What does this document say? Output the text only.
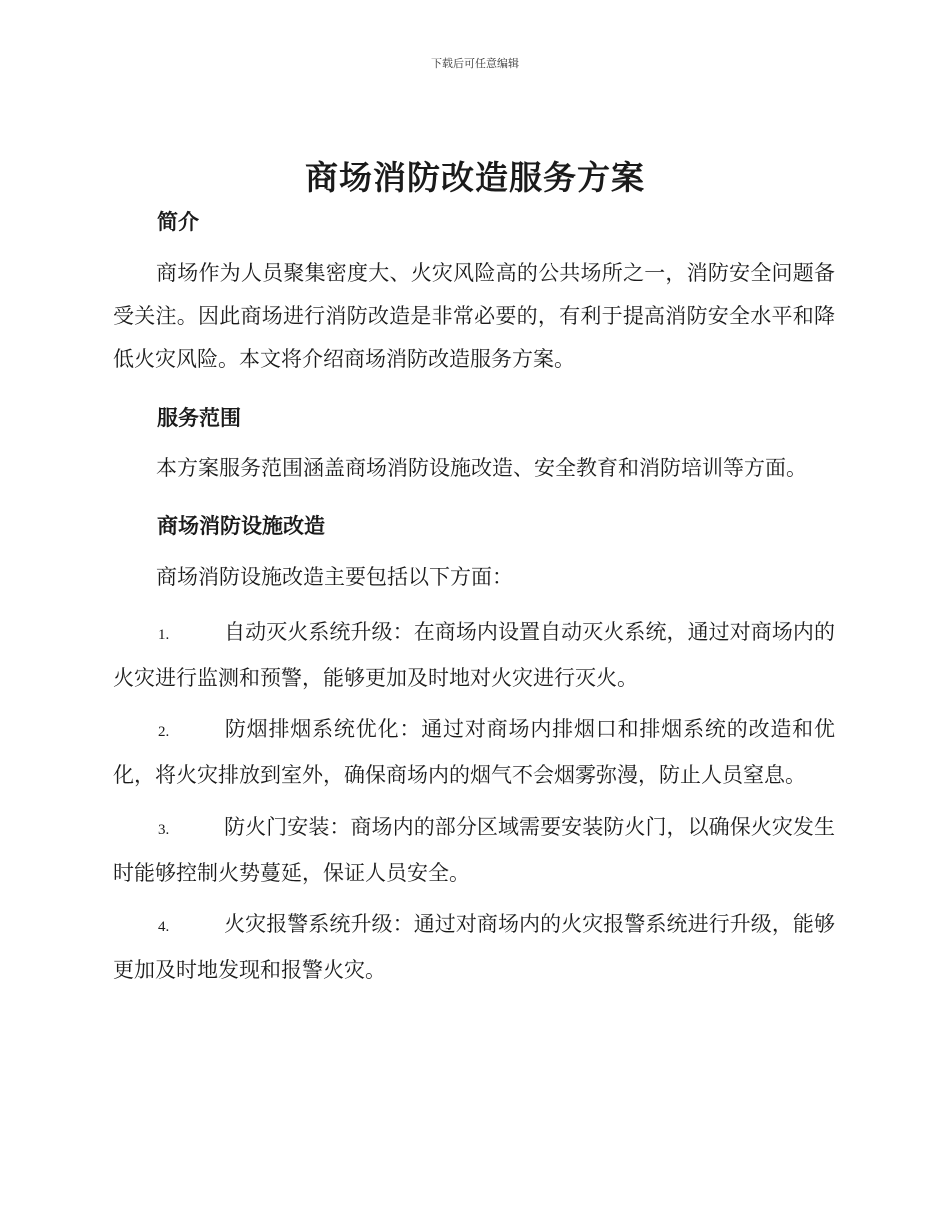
下载后可任意编辑
商场消防改造服务方案
简介

商场作为人员聚集密度大、火灾风险高的公共场所之一，消防安全问题备受关注。因此商场进行消防改造是非常必要的，有利于提高消防安全水平和降低火灾风险。本文将介绍商场消防改造服务方案。

服务范围

本方案服务范围涵盖商场消防设施改造、安全教育和消防培训等方面。

商场消防设施改造

商场消防设施改造主要包括以下方面：

1.	自动灭火系统升级：在商场内设置自动灭火系统，通过对商场内的火灾进行监测和预警，能够更加及时地对火灾进行灭火。

2.	防烟排烟系统优化：通过对商场内排烟口和排烟系统的改造和优化，将火灾排放到室外，确保商场内的烟气不会烟雾弥漫，防止人员窒息。

3.	防火门安装：商场内的部分区域需要安装防火门，以确保火灾发生时能够控制火势蔓延，保证人员安全。

4.	火灾报警系统升级：通过对商场内的火灾报警系统进行升级，能够更加及时地发现和报警火灾。
